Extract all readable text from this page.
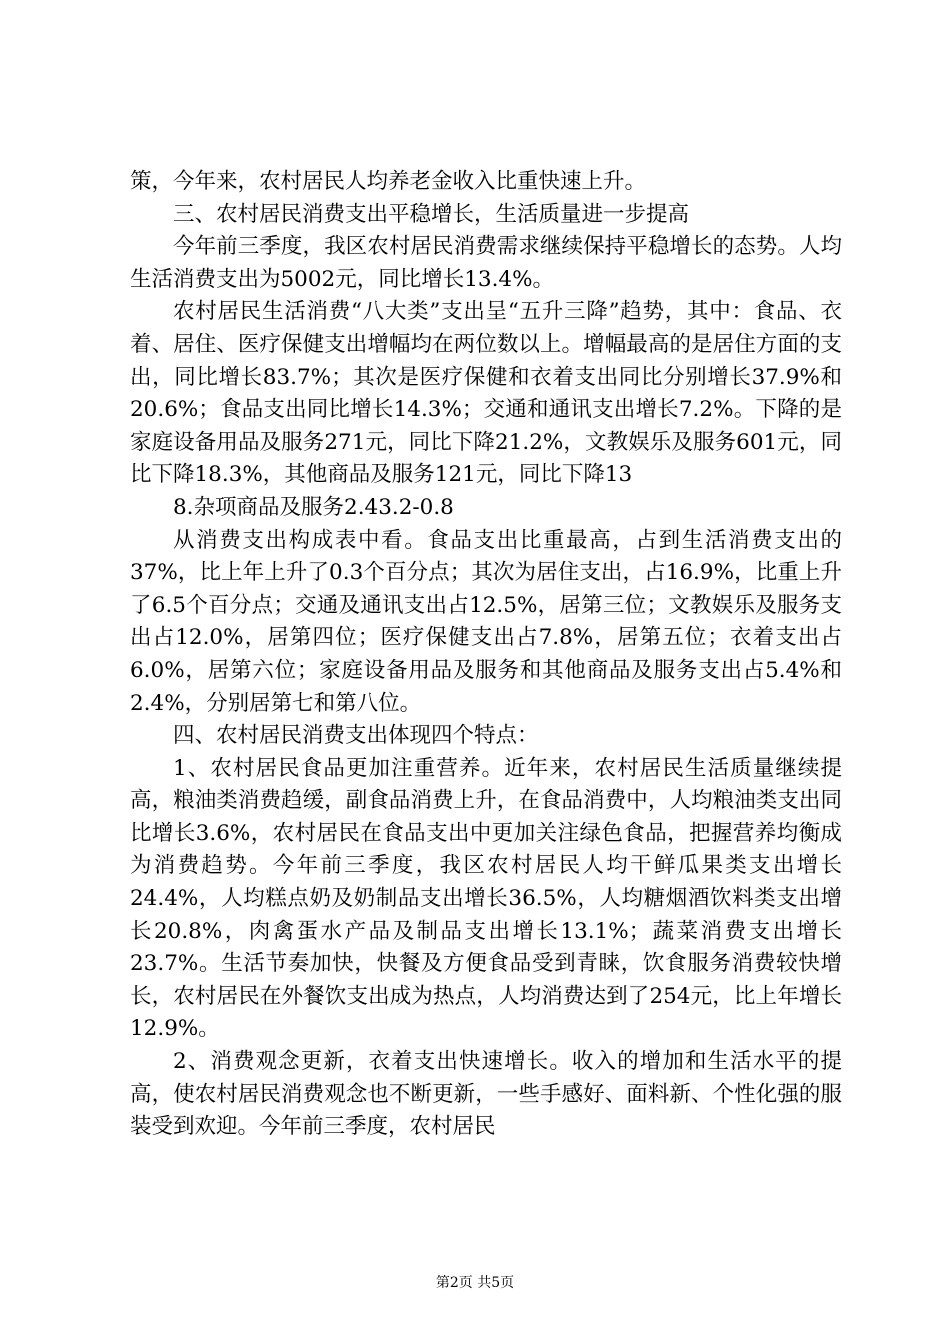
策，今年来，农村居民人均养老金收入比重快速上升。

三、农村居民消费支出平稳增长，生活质量进一步提高

今年前三季度，我区农村居民消费需求继续保持平稳增长的态势。人均生活消费支出为5002元，同比增长13.4%。

农村居民生活消费“八大类”支出呈“五升三降”趋势，其中：食品、衣着、居住、医疗保健支出增幅均在两位数以上。增幅最高的是居住方面的支出，同比增长83.7%；其次是医疗保健和衣着支出同比分别增长37.9%和20.6%；食品支出同比增长14.3%；交通和通讯支出增长7.2%。下降的是家庭设备用品及服务271元，同比下降21.2%，文教娱乐及服务601元，同比下降18.3%，其他商品及服务121元，同比下降13

8.杂项商品及服务2.43.2-0.8

从消费支出构成表中看。食品支出比重最高，占到生活消费支出的37%，比上年上升了0.3个百分点；其次为居住支出，占16.9%，比重上升了6.5个百分点；交通及通讯支出占12.5%，居第三位；文教娱乐及服务支出占12.0%，居第四位；医疗保健支出占7.8%，居第五位；衣着支出占6.0%，居第六位；家庭设备用品及服务和其他商品及服务支出占5.4%和2.4%，分别居第七和第八位。

四、农村居民消费支出体现四个特点：

1、农村居民食品更加注重营养。近年来，农村居民生活质量继续提高，粮油类消费趋缓，副食品消费上升，在食品消费中，人均粮油类支出同比增长3.6%，农村居民在食品支出中更加关注绿色食品，把握营养均衡成为消费趋势。今年前三季度，我区农村居民人均干鲜瓜果类支出增长24.4%，人均糕点奶及奶制品支出增长36.5%，人均糖烟酒饮料类支出增长20.8%，肉禽蛋水产品及制品支出增长13.1%；蔬菜消费支出增长23.7%。生活节奏加快，快餐及方便食品受到青睐，饮食服务消费较快增长，农村居民在外餐饮支出成为热点，人均消费达到了254元，比上年增长12.9%。

2、消费观念更新，衣着支出快速增长。收入的增加和生活水平的提高，使农村居民消费观念也不断更新，一些手感好、面料新、个性化强的服装受到欢迎。今年前三季度，农村居民

第2页 共5页
